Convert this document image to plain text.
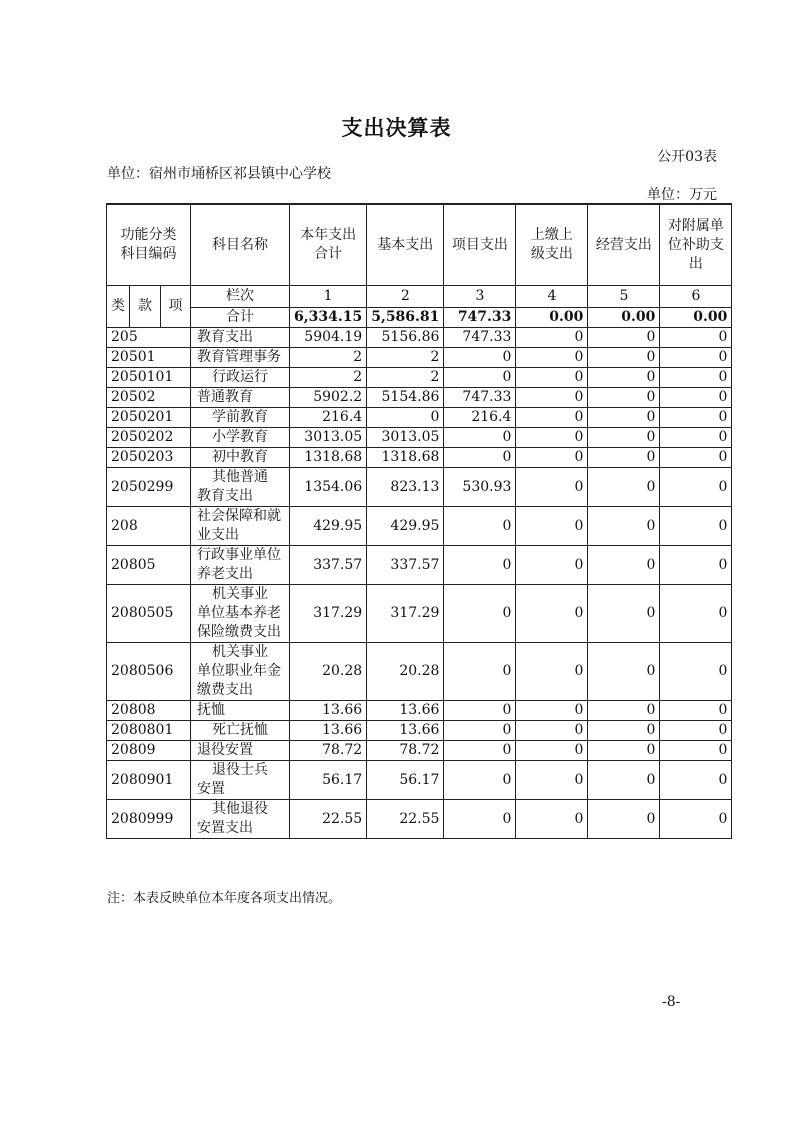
支出决算表
公开03表
单位：宿州市埇桥区祁县镇中心学校
单位：万元
功能分类科目编码			科目名称	本年支出合计	基本支出	项目支出	上缴上级支出	经营支出	对附属单位补助支出
类	款	项	栏次	1	2	3	4	5	6
			合计	6,334.15	5,586.81	747.33	0.00	0.00	0.00
205			教育支出	5904.19	5156.86	747.33	0	0	0
20501			教育管理事务	2	2	0	0	0	0
2050101			行政运行	2	2	0	0	0	0
20502			普通教育	5902.2	5154.86	747.33	0	0	0
2050201			学前教育	216.4	0	216.4	0	0	0
2050202			小学教育	3013.05	3013.05	0	0	0	0
2050203			初中教育	1318.68	1318.68	0	0	0	0
2050299			其他普通教育支出	1354.06	823.13	530.93	0	0	0
208			社会保障和就业支出	429.95	429.95	0	0	0	0
20805			行政事业单位养老支出	337.57	337.57	0	0	0	0
2080505			机关事业单位基本养老保险缴费支出	317.29	317.29	0	0	0	0
2080506			机关事业单位职业年金缴费支出	20.28	20.28	0	0	0	0
20808			抚恤	13.66	13.66	0	0	0	0
2080801			死亡抚恤	13.66	13.66	0	0	0	0
20809			退役安置	78.72	78.72	0	0	0	0
2080901			退役士兵安置	56.17	56.17	0	0	0	0
2080999			其他退役安置支出	22.55	22.55	0	0	0	0
注：本表反映单位本年度各项支出情况。
-8-
